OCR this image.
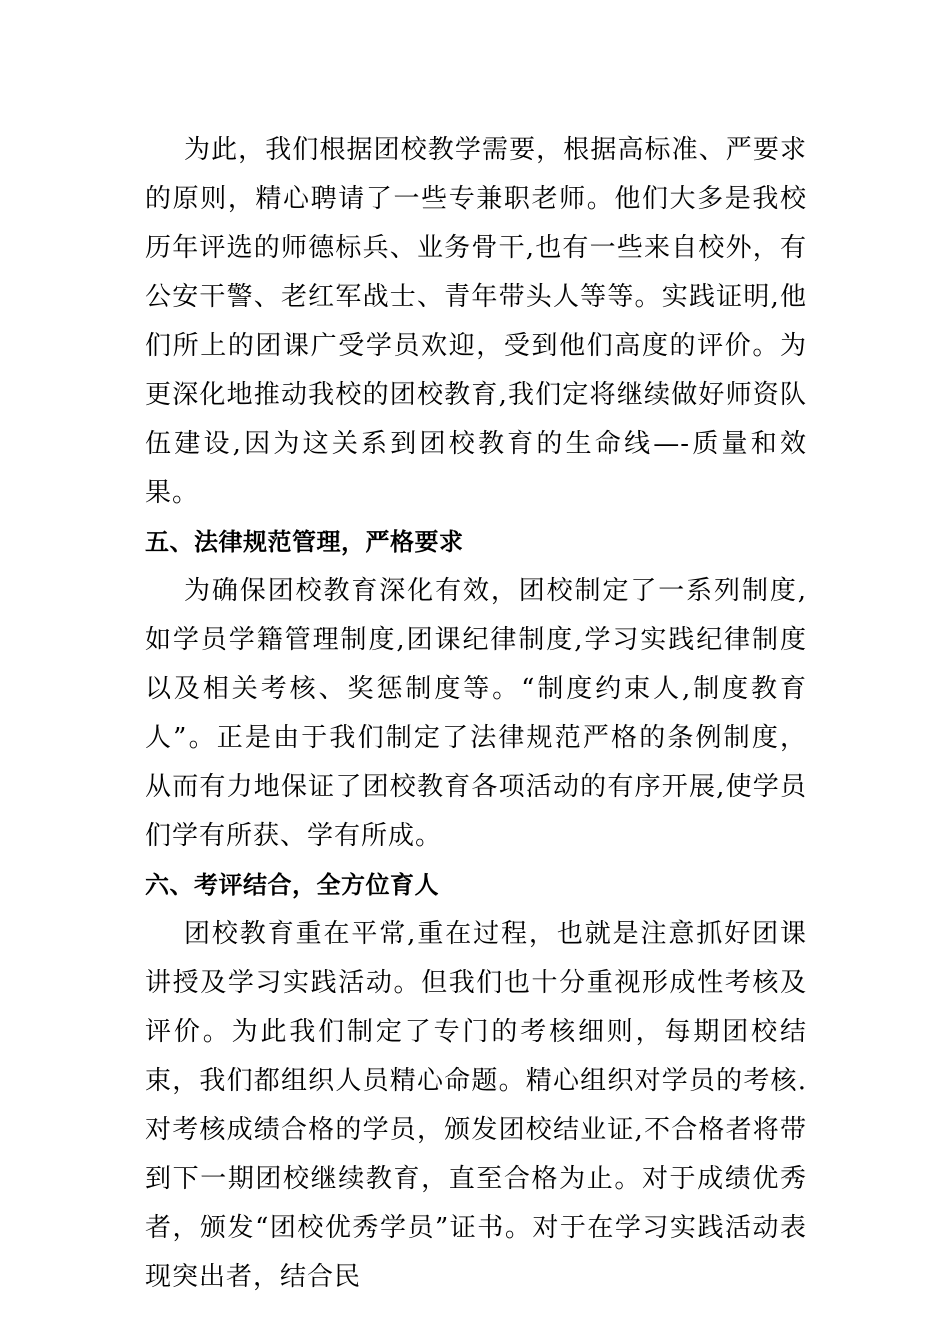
为此，我们根据团校教学需要，根据高标准、严要求的原则，精心聘请了一些专兼职老师。他们大多是我校历年评选的师德标兵、业务骨干,也有一些来自校外，有公安干警、老红军战士、青年带头人等等。实践证明,他们所上的团课广受学员欢迎，受到他们高度的评价。为更深化地推动我校的团校教育,我们定将继续做好师资队伍建设,因为这关系到团校教育的生命线—-质量和效果。

五、法律规范管理，严格要求

为确保团校教育深化有效，团校制定了一系列制度,如学员学籍管理制度,团课纪律制度,学习实践纪律制度以及相关考核、奖惩制度等。“制度约束人,制度教育人”。正是由于我们制定了法律规范严格的条例制度，从而有力地保证了团校教育各项活动的有序开展,使学员们学有所获、学有所成。

六、考评结合，全方位育人

团校教育重在平常,重在过程，也就是注意抓好团课讲授及学习实践活动。但我们也十分重视形成性考核及评价。为此我们制定了专门的考核细则，每期团校结束，我们都组织人员精心命题。精心组织对学员的考核.对考核成绩合格的学员，颁发团校结业证,不合格者将带到下一期团校继续教育，直至合格为止。对于成绩优秀者，颁发“团校优秀学员”证书。对于在学习实践活动表现突出者，结合民
